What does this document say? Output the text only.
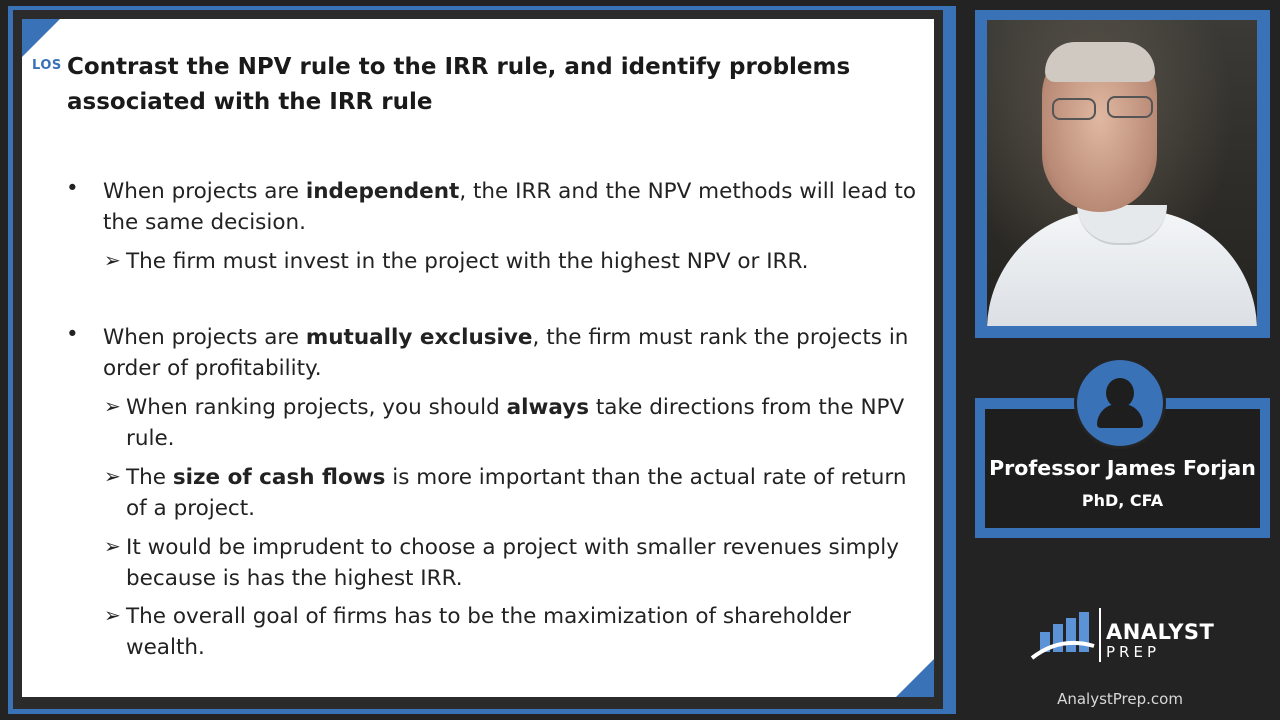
LOS Contrast the NPV rule to the IRR rule, and identify problems
associated with the IRR rule
• When projects are independent, the IRR and the NPV methods will lead to
the same decision.
➢ The firm must invest in the project with the highest NPV or IRR.
• When projects are mutually exclusive, the firm must rank the projects in
order of profitability.
➢ When ranking projects, you should always take directions from the NPV
rule.
➢ The size of cash flows is more important than the actual rate of return
of a project.
➢ It would be imprudent to choose a project with smaller revenues simply
because is has the highest IRR.
➢ The overall goal of firms has to be the maximization of shareholder
wealth.
Professor James Forjan
PhD, CFA
ANALYST
PREP
AnalystPrep.com
